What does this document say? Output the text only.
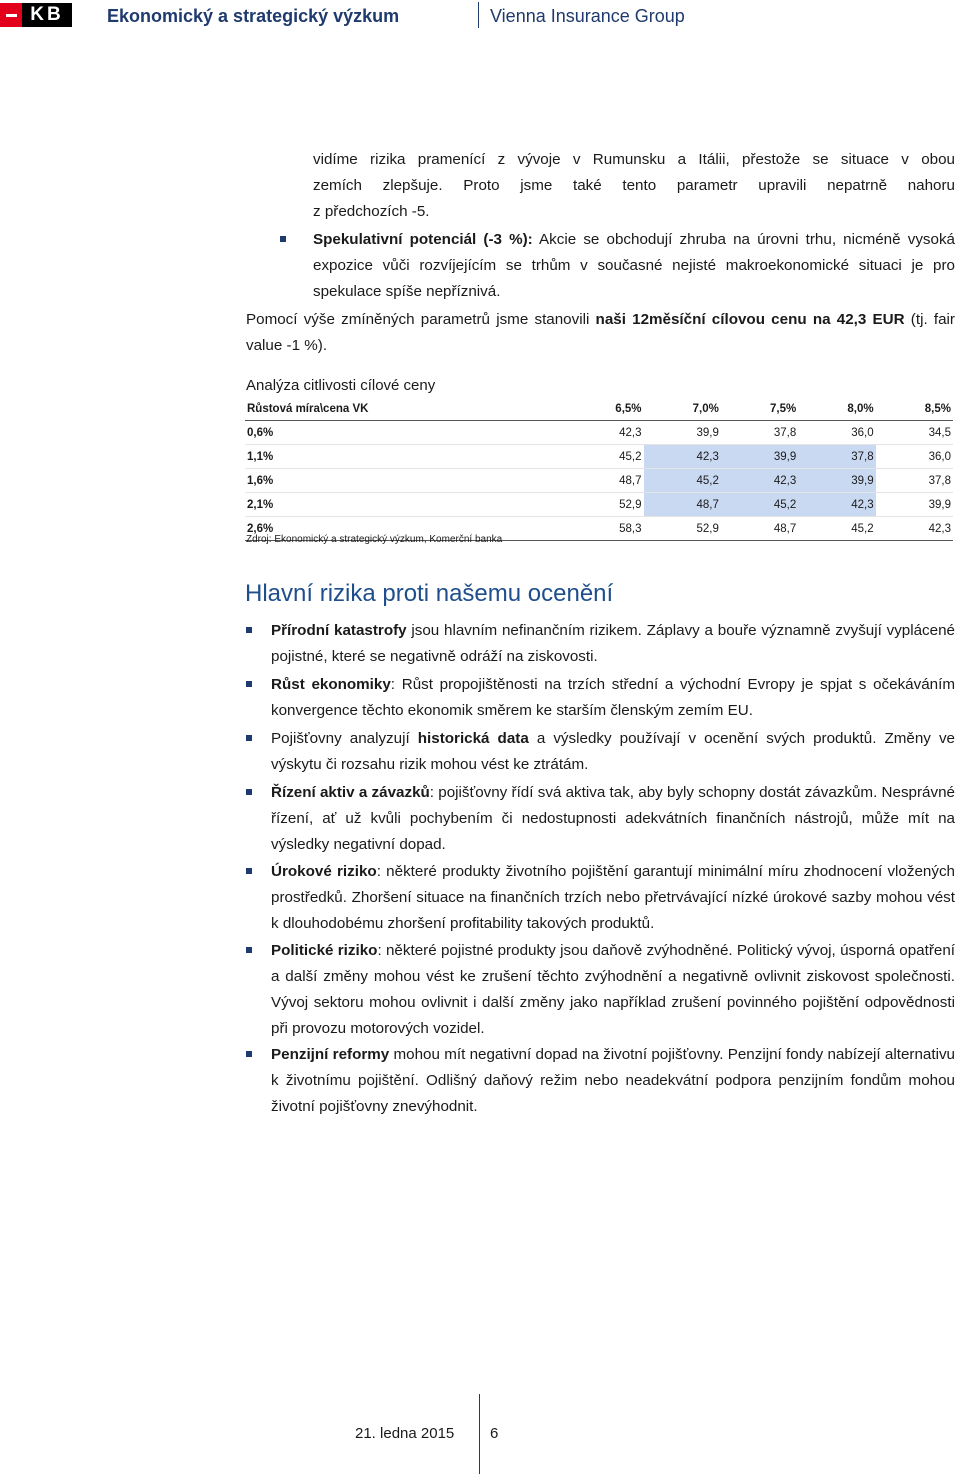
KB	Ekonomický a strategický výzkum	Vienna Insurance Group
vidíme rizika pramenící z vývoje v Rumunsku a Itálii, přestože se situace v obou
zemích zlepšuje. Proto jsme také tento parametr upravili nepatrně nahoru
z předchozích -5.
Spekulativní potenciál (-3 %): Akcie se obchodují zhruba na úrovni trhu, nicméně vysoká expozice vůči rozvíjejícím se trhům v současné nejisté makroekonomické situaci je pro spekulace spíše nepříznivá.
Pomocí výše zmíněných parametrů jsme stanovili naši 12měsíční cílovou cenu na 42,3 EUR (tj. fair value -1 %).
Analýza citlivosti cílové ceny
Růstová míra\cena VK	6,5%	7,0%	7,5%	8,0%	8,5%
0,6%	42,3	39,9	37,8	36,0	34,5
1,1%	45,2	42,3	39,9	37,8	36,0
1,6%	48,7	45,2	42,3	39,9	37,8
2,1%	52,9	48,7	45,2	42,3	39,9
2,6%	58,3	52,9	48,7	45,2	42,3
Zdroj: Ekonomický a strategický výzkum, Komerční banka
Hlavní rizika proti našemu ocenění
Přírodní katastrofy jsou hlavním nefinančním rizikem. Záplavy a bouře významně zvyšují vyplácené pojistné, které se negativně odráží na ziskovosti.
Růst ekonomiky: Růst propojištěnosti na trzích střední a východní Evropy je spjat s očekáváním konvergence těchto ekonomik směrem ke starším členským zemím EU.
Pojišťovny analyzují historická data a výsledky používají v ocenění svých produktů. Změny ve výskytu či rozsahu rizik mohou vést ke ztrátám.
Řízení aktiv a závazků: pojišťovny řídí svá aktiva tak, aby byly schopny dostát závazkům. Nesprávné řízení, ať už kvůli pochybením či nedostupnosti adekvátních finančních nástrojů, může mít na výsledky negativní dopad.
Úrokové riziko: některé produkty životního pojištění garantují minimální míru zhodnocení vložených prostředků. Zhoršení situace na finančních trzích nebo přetrvávající nízké úrokové sazby mohou vést k dlouhodobému zhoršení profitability takových produktů.
Politické riziko: některé pojistné produkty jsou daňově zvýhodněné. Politický vývoj, úsporná opatření a další změny mohou vést ke zrušení těchto zvýhodnění a negativně ovlivnit ziskovost společnosti. Vývoj sektoru mohou ovlivnit i další změny jako například zrušení povinného pojištění odpovědnosti při provozu motorových vozidel.
Penzijní reformy mohou mít negativní dopad na životní pojišťovny. Penzijní fondy nabízejí alternativu k životnímu pojištění. Odlišný daňový režim nebo neadekvátní podpora penzijním fondům mohou životní pojišťovny znevýhodnit.
21. ledna 2015 6
